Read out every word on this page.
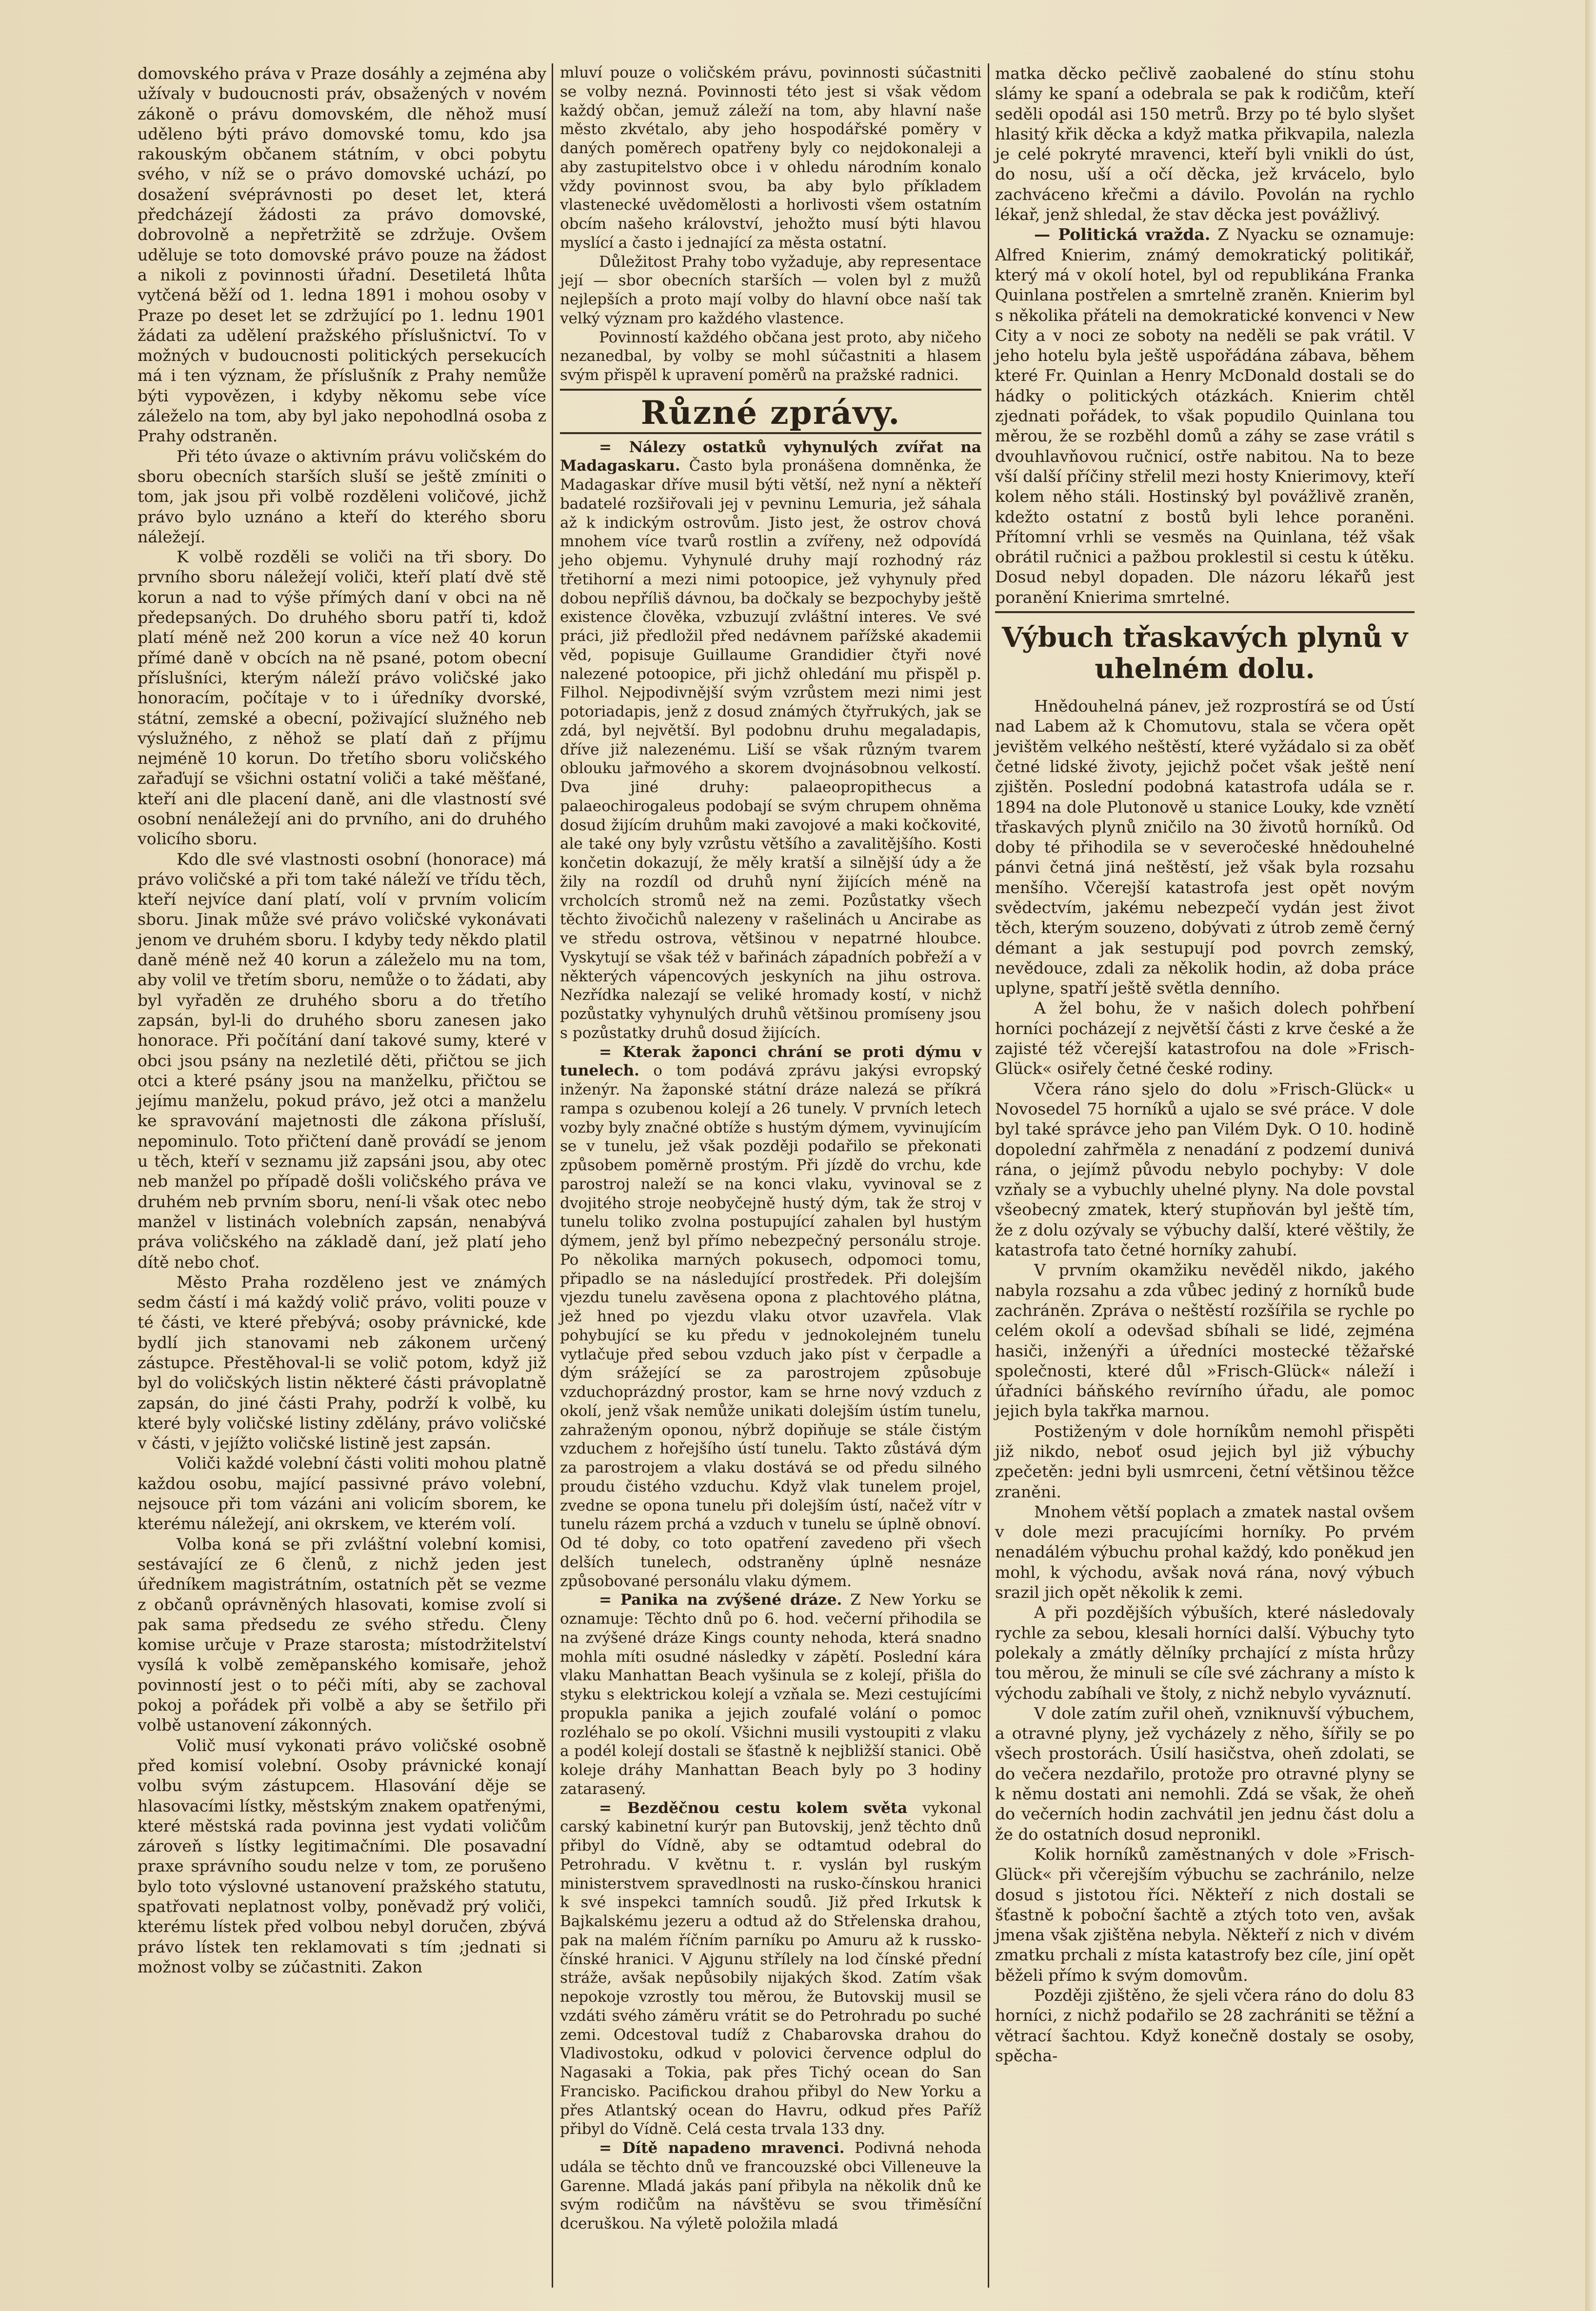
domovského práva v Praze dosáhly a zejména aby užívaly v budoucnosti práv, obsažených v novém zákoně o právu domovském, dle něhož musí uděleno býti právo domovské tomu, kdo jsa rakouským občanem státním, v obci pobytu svého, v níž se o právo domovské uchází, po dosažení svéprávnosti po deset let, která předcházejí žádosti za právo domovské, dobrovolně a nepřetržitě se zdržuje. Ovšem uděluje se toto domovské právo pouze na žádost a nikoli z povinnosti úřadní. Desetiletá lhůta vytčená běží od 1. ledna 1891 i mohou osoby v Praze po deset let se zdržující po 1. lednu 1901 žádati za udělení pražského příslušnictví. To v možných v budoucnosti politických persekucích má i ten význam, že příslušník z Prahy nemůže býti vypovězen, i kdyby někomu sebe více záleželo na tom, aby byl jako nepohodlná osoba z Prahy odstraněn.

Při této úvaze o aktivním právu voličském do sboru obecních starších sluší se ještě zmíniti o tom, jak jsou při volbě rozděleni voličové, jichž právo bylo uznáno a kteří do kterého sboru náležejí.

K volbě rozděli se voliči na tři sbory. Do prvního sboru náležejí voliči, kteří platí dvě stě korun a nad to výše přímých daní v obci na ně předepsaných. Do druhého sboru patří ti, kdož platí méně než 200 korun a více než 40 korun přímé daně v obcích na ně psané, potom obecní příslušníci, kterým náleží právo voličské jako honoracím, počítaje v to i úředníky dvorské, státní, zemské a obecní, poživající služného neb výslužného, z něhož se platí daň z příjmu nejméně 10 korun. Do třetího sboru voličského zařaďují se všichni ostatní voliči a také měšťané, kteří ani dle placení daně, ani dle vlastností své osobní nenáležejí ani do prvního, ani do druhého volicího sboru.

Kdo dle své vlastnosti osobní (honorace) má právo voličské a při tom také náleží ve třídu těch, kteří nejvíce daní platí, volí v prvním volicím sboru. Jinak může své právo voličské vykonávati jenom ve druhém sboru. I kdyby tedy někdo platil daně méně než 40 korun a záleželo mu na tom, aby volil ve třetím sboru, nemůže o to žádati, aby byl vyřaděn ze druhého sboru a do třetího zapsán, byl-li do druhého sboru zanesen jako honorace. Při počítání daní takové sumy, které v obci jsou psány na nezletilé děti, přičtou se jich otci a které psány jsou na manželku, přičtou se jejímu manželu, pokud právo, jež otci a manželu ke spravování majetnosti dle zákona přísluší, nepominulo. Toto přičtení daně provádí se jenom u těch, kteří v seznamu již zapsáni jsou, aby otec neb manžel po případě došli voličského práva ve druhém neb prvním sboru, není-li však otec nebo manžel v listinách volebních zapsán, nenabývá práva voličského na základě daní, jež platí jeho dítě nebo choť.

Město Praha rozděleno jest ve známých sedm částí i má každý volič právo, voliti pouze v té části, ve které přebývá; osoby právnické, kde bydlí jich stanovami neb zákonem určený zástupce. Přestěhoval-li se volič potom, když již byl do voličských listin některé části právoplatně zapsán, do jiné části Prahy, podrží k volbě, ku které byly voličské listiny zdělány, právo voličské v části, v jejížto voličské listině jest zapsán.

Voliči každé volební části voliti mohou platně každou osobu, mající passivné právo volební, nejsouce při tom vázáni ani volicím sborem, ke kterému náležejí, ani okrskem, ve kterém volí.

Volba koná se při zvláštní volební komisi, sestávající ze 6 členů, z nichž jeden jest úředníkem magistrátním, ostatních pět se vezme z občanů oprávněných hlasovati, komise zvolí si pak sama předsedu ze svého středu. Členy komise určuje v Praze starosta; místodržitelství vysílá k volbě zeměpanského komisaře, jehož povinností jest o to péči míti, aby se zachoval pokoj a pořádek při volbě a aby se šetřilo při volbě ustanovení zákonných.

Volič musí vykonati právo voličské osobně před komisí volební. Osoby právnické konají volbu svým zástupcem. Hlasování děje se hlasovacími lístky, městským znakem opatřenými, které městská rada povinna jest vydati voličům zároveň s lístky legitimačními. Dle posavadní praxe správního soudu nelze v tom, ze porušeno bylo toto výslovné ustanovení pražského statutu, spatřovati neplatnost volby, poněvadž prý voliči, kterému lístek před volbou nebyl doručen, zbývá právo lístek ten reklamovati s tím ;jednati si možnost volby se zúčastniti. Zakon

mluví pouze o voličském právu, povinnosti súčastniti se volby nezná. Povinnosti této jest si však vědom každý občan, jemuž záleží na tom, aby hlavní naše město zkvétalo, aby jeho hospodářské poměry v daných poměrech opatřeny byly co nejdokonaleji a aby zastupitelstvo obce i v ohledu národním konalo vždy povinnost svou, ba aby bylo příkladem vlastenecké uvědomělosti a horlivosti všem ostatním obcím našeho království, jehožto musí býti hlavou myslící a často i jednající za města ostatní.

Důležitost Prahy tobo vyžaduje, aby representace její — sbor obecních starších — volen byl z mužů nejlepších a proto mají volby do hlavní obce naší tak velký význam pro každého vlastence.

Povinností každého občana jest proto, aby ničeho nezanedbal, by volby se mohl súčastniti a hlasem svým přispěl k upravení poměrů na pražské radnici.

Různé zprávy.

= Nálezy ostatků vyhynulých zvířat na Madagaskaru. Často byla pronášena domněnka, že Madagaskar dříve musil býti větší, než nyní a někteří badatelé rozšiřovali jej v pevninu Lemuria, jež sáhala až k indickým ostrovům. Jisto jest, že ostrov chová mnohem více tvarů rostlin a zvířeny, než odpovídá jeho objemu. Vyhynulé druhy mají rozhodný ráz třetihorní a mezi nimi potoopice, jež vyhynuly před dobou nepříliš dávnou, ba dočkaly se bezpochyby ještě existence člověka, vzbuzují zvláštní interes. Ve své práci, již předložil před nedávnem pařížské akademii věd, popisuje Guillaume Grandidier čtyři nové nalezené potoopice, při jichž ohledání mu přispěl p. Filhol. Nejpodivnější svým vzrůstem mezi nimi jest potoriadapis, jenž z dosud známých čtyřrukých, jak se zdá, byl největší. Byl podobnu druhu megaladapis, dříve již nalezenému. Liší se však různým tvarem oblouku jařmového a skorem dvojnásobnou velkostí. Dva jiné druhy: palaeopropithecus a palaeochirogaleus podobají se svým chrupem ohněma dosud žijícím druhům maki zavojové a maki kočkovité, ale také ony byly vzrůstu většího a zavalitějšího. Kosti končetin dokazují, že měly kratší a silnější údy a že žily na rozdíl od druhů nyní žijících méně na vrcholcích stromů než na zemi. Pozůstatky všech těchto živočichů nalezeny v rašelinách u Ancirabe as ve středu ostrova, většinou v nepatrné hloubce. Vyskytují se však též v bařinách západních pobřeží a v některých vápencových jeskyních na jihu ostrova. Nezřídka nalezají se veliké hromady kostí, v nichž pozůstatky vyhynulých druhů většinou promíseny jsou s pozůstatky druhů dosud žijících.

= Kterak žaponci chrání se proti dýmu v tunelech. o tom podává zprávu jakýsi evropský inženýr. Na žaponské státní dráze nalezá se příkrá rampa s ozubenou kolejí a 26 tunely. V prvních letech vozby byly značné obtíže s hustým dýmem, vyvinujícím se v tunelu, jež však později podařilo se překonati způsobem poměrně prostým. Při jízdě do vrchu, kde parostroj naleží se na konci vlaku, vyvinoval se z dvojitého stroje neobyčejně hustý dým, tak že stroj v tunelu toliko zvolna postupující zahalen byl hustým dýmem, jenž byl přímo nebezpečný personálu stroje. Po několika marných pokusech, odpomoci tomu, připadlo se na následující prostředek. Při dolejším vjezdu tunelu zavěsena opona z plachtového plátna, jež hned po vjezdu vlaku otvor uzavřela. Vlak pohybující se ku předu v jednokolejném tunelu vytlačuje před sebou vzduch jako píst v čerpadle a dým srážející se za parostrojem způsobuje vzduchoprázdný prostor, kam se hrne nový vzduch z okolí, jenž však nemůže unikati dolejším ústím tunelu, zahraženým oponou, nýbrž dopiňuje se stále čistým vzduchem z hořejšího ústí tunelu. Takto zůstává dým za parostrojem a vlaku dostává se od předu silného proudu čistého vzduchu. Když vlak tunelem projel, zvedne se opona tunelu při dolejším ústí, načež vítr v tunelu rázem prchá a vzduch v tunelu se úplně obnoví. Od té doby, co toto opatření zavedeno při všech delších tunelech, odstraněny úplně nesnáze způsobované personálu vlaku dýmem.

= Panika na zvýšené dráze. Z New Yorku se oznamuje: Těchto dnů po 6. hod. večerní přihodila se na zvýšené dráze Kings county nehoda, která snadno mohla míti osudné následky v zápětí. Poslední kára vlaku Manhattan Beach vyšinula se z kolejí, přišla do styku s elektrickou kolejí a vzňala se. Mezi cestujícími propukla panika a jejich zoufalé volání o pomoc rozléhalo se po okolí. Všichni musili vystoupiti z vlaku a podél kolejí dostali se šťastně k nejbližší stanici. Obě koleje dráhy Manhattan Beach byly po 3 hodiny zatarasený.

= Bezděčnou cestu kolem světa vykonal carský kabinetní kurýr pan Butovskij, jenž těchto dnů přibyl do Vídně, aby se odtamtud odebral do Petrohradu. V květnu t. r. vyslán byl ruským ministerstvem spravedlnosti na rusko-čínskou hranici k své inspekci tamních soudů. Již před Irkutsk k Bajkalskému jezeru a odtud až do Střelenska drahou, pak na malém říčním parníku po Amuru až k russko-čínské hranici. V Ajgunu střílely na lod čínské přední stráže, avšak nepůsobily nijakých škod. Zatím však nepokoje vzrostly tou měrou, že Butovskij musil se vzdáti svého záměru vrátit se do Petrohradu po suché zemi. Odcestoval tudíž z Chabarovska drahou do Vladivostoku, odkud v polovici července odplul do Nagasaki a Tokia, pak přes Tichý ocean do San Francisko. Pacifickou drahou přibyl do New Yorku a přes Atlantský ocean do Havru, odkud přes Paříž přibyl do Vídně. Celá cesta trvala 133 dny.

= Dítě napadeno mravenci. Podivná nehoda udála se těchto dnů ve francouzské obci Villeneuve la Garenne. Mladá jakás paní přibyla na několik dnů ke svým rodičům na návštěvu se svou třiměsíční dceruškou. Na výletě položila mladá

matka děcko pečlivě zaobalené do stínu stohu slámy ke spaní a odebrala se pak k rodičům, kteří seděli opodál asi 150 metrů. Brzy po té bylo slyšet hlasitý křik děcka a když matka přikvapila, nalezla je celé pokryté mravenci, kteří byli vnikli do úst, do nosu, uší a očí děcka, jež krvácelo, bylo zachváceno křečmi a dávilo. Povolán na rychlo lékař, jenž shledal, že stav děcka jest povážlivý.

— Politická vražda. Z Nyacku se oznamuje: Alfred Knierim, známý demokratický politikář, který má v okolí hotel, byl od republikána Franka Quinlana postřelen a smrtelně zraněn. Knierim byl s několika přáteli na demokratické konvenci v New City a v noci ze soboty na neděli se pak vrátil. V jeho hotelu byla ještě uspořádána zábava, během které Fr. Quinlan a Henry McDonald dostali se do hádky o politických otázkách. Knierim chtěl zjednati pořádek, to však popudilo Quinlana tou měrou, že se rozběhl domů a záhy se zase vrátil s dvouhlavňovou ručnicí, ostře nabitou. Na to beze vší další příčiny střelil mezi hosty Knierimovy, kteří kolem něho stáli. Hostinský byl povážlivě zraněn, kdežto ostatní z bostů byli lehce poraněni. Přítomní vrhli se vesměs na Quinlana, též však obrátil ručnici a pažbou proklestil si cestu k útěku. Dosud nebyl dopaden. Dle názoru lékařů jest poranění Knierima smrtelné.

Výbuch třaskavých plynů v uhelném dolu.

Hnědouhelná pánev, jež rozprostírá se od Ústí nad Labem až k Chomutovu, stala se včera opět jevištěm velkého neštěstí, které vyžádalo si za oběť četné lidské životy, jejichž počet však ještě není zjištěn. Poslední podobná katastrofa udála se r. 1894 na dole Plutonově u stanice Louky, kde vznětí třaskavých plynů zničilo na 30 životů horníků. Od doby té přihodila se v severočeské hnědouhelné pánvi četná jiná neštěstí, jež však byla rozsahu menšího. Včerejší katastrofa jest opět novým svědectvím, jakému nebezpečí vydán jest život těch, kterým souzeno, dobývati z útrob země černý démant a jak sestupují pod povrch zemský, nevědouce, zdali za několik hodin, až doba práce uplyne, spatří ještě světla denního.

A žel bohu, že v našich dolech pohřbení horníci pocházejí z největší části z krve české a že zajisté též včerejší katastrofou na dole »Frisch-Glück« osiřely četné české rodiny.

Včera ráno sjelo do dolu »Frisch-Glück« u Novosedel 75 horníků a ujalo se své práce. V dole byl také správce jeho pan Vilém Dyk. O 10. hodině dopolední zahřměla z nenadání z podzemí dunivá rána, o jejímž původu nebylo pochyby: V dole vzňaly se a vybuchly uhelné plyny. Na dole povstal všeobecný zmatek, který stupňován byl ještě tím, že z dolu ozývaly se výbuchy další, které věštily, že katastrofa tato četné horníky zahubí.

V prvním okamžiku nevěděl nikdo, jakého nabyla rozsahu a zda vůbec jediný z horníků bude zachráněn. Zpráva o neštěstí rozšířila se rychle po celém okolí a odevšad sbíhali se lidé, zejména hasiči, inženýři a úředníci mostecké těžařské společnosti, které důl »Frisch-Glück« náleží i úřadníci báňského revírního úřadu, ale pomoc jejich byla takřka marnou.

Postiženým v dole horníkům nemohl přispěti již nikdo, neboť osud jejich byl již výbuchy zpečetěn: jedni byli usmrceni, četní většinou těžce zraněni.

Mnohem větší poplach a zmatek nastal ovšem v dole mezi pracujícími horníky. Po prvém nenadálém výbuchu prohal každý, kdo poněkud jen mohl, k východu, avšak nová rána, nový výbuch srazil jich opět několik k zemi.

A při pozdějších výbuších, které následovaly rychle za sebou, klesali horníci další. Výbuchy tyto polekaly a zmátly dělníky prchající z místa hrůzy tou měrou, že minuli se cíle své záchrany a místo k východu zabíhali ve štoly, z nichž nebylo vyváznutí.

V dole zatím zuřil oheň, vzniknuvší výbuchem, a otravné plyny, jež vycházely z něho, šířily se po všech prostorách. Úsilí hasičstva, oheň zdolati, se do večera nezdařilo, protože pro otravné plyny se k němu dostati ani nemohli. Zdá se však, že oheň do večerních hodin zachvátil jen jednu část dolu a že do ostatních dosud nepronikl.

Kolik horníků zaměstnaných v dole »Frisch-Glück« při včerejším výbuchu se zachránilo, nelze dosud s jistotou říci. Někteří z nich dostali se šťastně k poboční šachtě a ztých toto ven, avšak jmena však zjištěna nebyla. Někteří z nich v divém zmatku prchali z místa katastrofy bez cíle, jiní opět běželi přímo k svým domovům.

Později zjištěno, že sjeli včera ráno do dolu 83 horníci, z nichž podařilo se 28 zachrániti se těžní a větrací šachtou. Když konečně dostaly se osoby, spěcha-
